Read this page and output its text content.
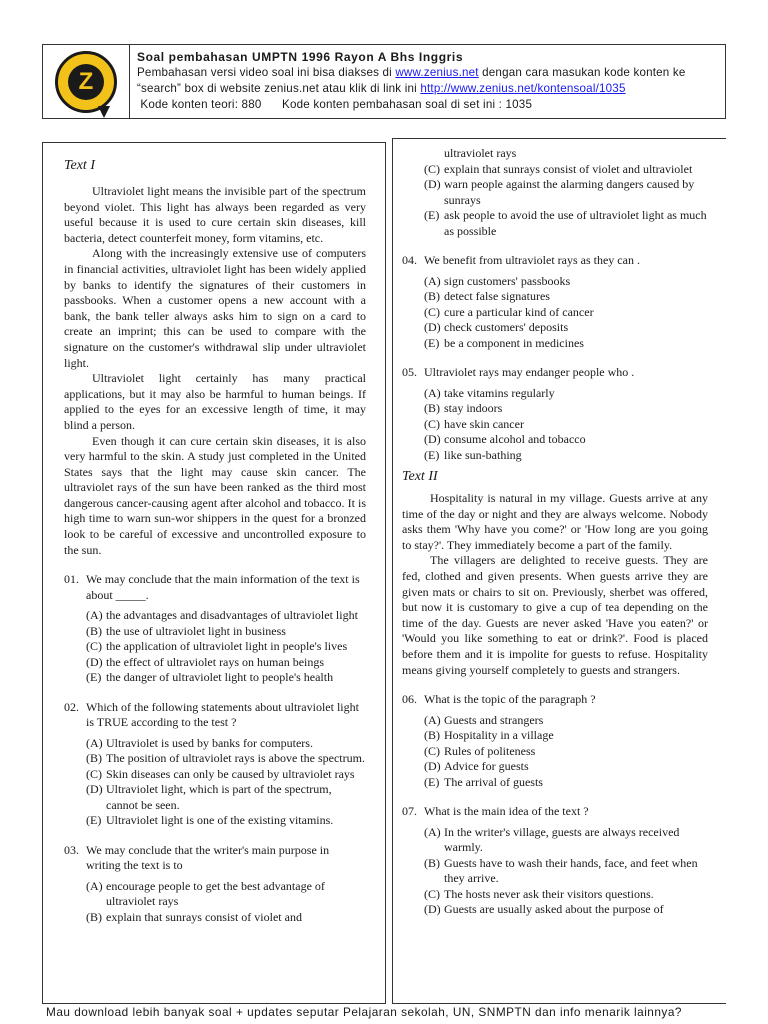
Z
Soal pembahasan UMPTN 1996 Rayon A Bhs Inggris
Pembahasan versi video soal ini bisa diakses di www.zenius.net dengan cara masukan kode konten ke
“search” box di website zenius.net atau klik di link ini http://www.zenius.net/kontensoal/1035
Kode konten teori: 880 Kode konten pembahasan soal di set ini : 1035
Text I

Ultraviolet light means the invisible part of the spectrum beyond violet. This light has always been regarded as very useful because it is used to cure certain skin diseases, kill bacteria, detect counterfeit money, form vitamins, etc.

Along with the increasingly extensive use of computers in financial activities, ultraviolet light has been widely applied by banks to identify the signatures of their customers in passbooks. When a customer opens a new account with a bank, the bank teller always asks him to sign on a card to create an imprint; this can be used to compare with the signature on the customer's withdrawal slip under ultraviolet light.

Ultraviolet light certainly has many practical applications, but it may also be harmful to human beings. If applied to the eyes for an excessive length of time, it may blind a person.

Even though it can cure certain skin diseases, it is also very harmful to the skin. A study just completed in the United States says that the light may cause skin cancer. The ultraviolet rays of the sun have been ranked as the third most dangerous cancer-causing agent after alcohol and tobacco. It is high time to warn sun-wor shippers in the quest for a bronzed look to be careful of excessive and uncontrolled exposure to the sun.

01. We may conclude that the main information of the text is about _____.
(A) the advantages and disadvantages of ultraviolet light
(B) the use of ultraviolet light in business
(C) the application of ultraviolet light in people's lives
(D) the effect of ultraviolet rays on human beings
(E) the danger of ultraviolet light to people's health
02. Which of the following statements about ultraviolet light is TRUE according to the test ?
(A) Ultraviolet is used by banks for computers.
(B) The position of ultraviolet rays is above the spectrum.
(C) Skin diseases can only be caused by ultraviolet rays
(D) Ultraviolet light, which is part of the spectrum, cannot be seen.
(E) Ultraviolet light is one of the existing vitamins.
03. We may conclude that the writer's main purpose in writing the text is to
(A) encourage people to get the best advantage of ultraviolet rays
(B) explain that sunrays consist of violet and
ultraviolet rays
(C) explain that sunrays consist of violet and ultraviolet
(D) warn people against the alarming dangers caused by sunrays
(E) ask people to avoid the use of ultraviolet light as much as possible
04. We benefit from ultraviolet rays as they can .
(A) sign customers' passbooks
(B) detect false signatures
(C) cure a particular kind of cancer
(D) check customers' deposits
(E) be a component in medicines
05. Ultraviolet rays may endanger people who .
(A) take vitamins regularly
(B) stay indoors
(C) have skin cancer
(D) consume alcohol and tobacco
(E) like sun-bathing
Text II

Hospitality is natural in my village. Guests arrive at any time of the day or night and they are always welcome. Nobody asks them 'Why have you come?' or 'How long are you going to stay?'. They immediately become a part of the family.

The villagers are delighted to receive guests. They are fed, clothed and given presents. When guests arrive they are given mats or chairs to sit on. Previously, sherbet was offered, but now it is customary to give a cup of tea depending on the time of the day. Guests are never asked 'Have you eaten?' or 'Would you like something to eat or drink?'. Food is placed before them and it is impolite for guests to refuse. Hospitality means giving yourself completely to guests and strangers.

06. What is the topic of the paragraph ?
(A) Guests and strangers
(B) Hospitality in a village
(C) Rules of politeness
(D) Advice for guests
(E) The arrival of guests
07. What is the main idea of the text ?
(A) In the writer's village, guests are always received warmly.
(B) Guests have to wash their hands, face, and feet when they arrive.
(C) The hosts never ask their visitors questions.
(D) Guests are usually asked about the purpose of
Mau download lebih banyak soal + updates seputar Pelajaran sekolah, UN, SNMPTN dan info menarik lainnya?
